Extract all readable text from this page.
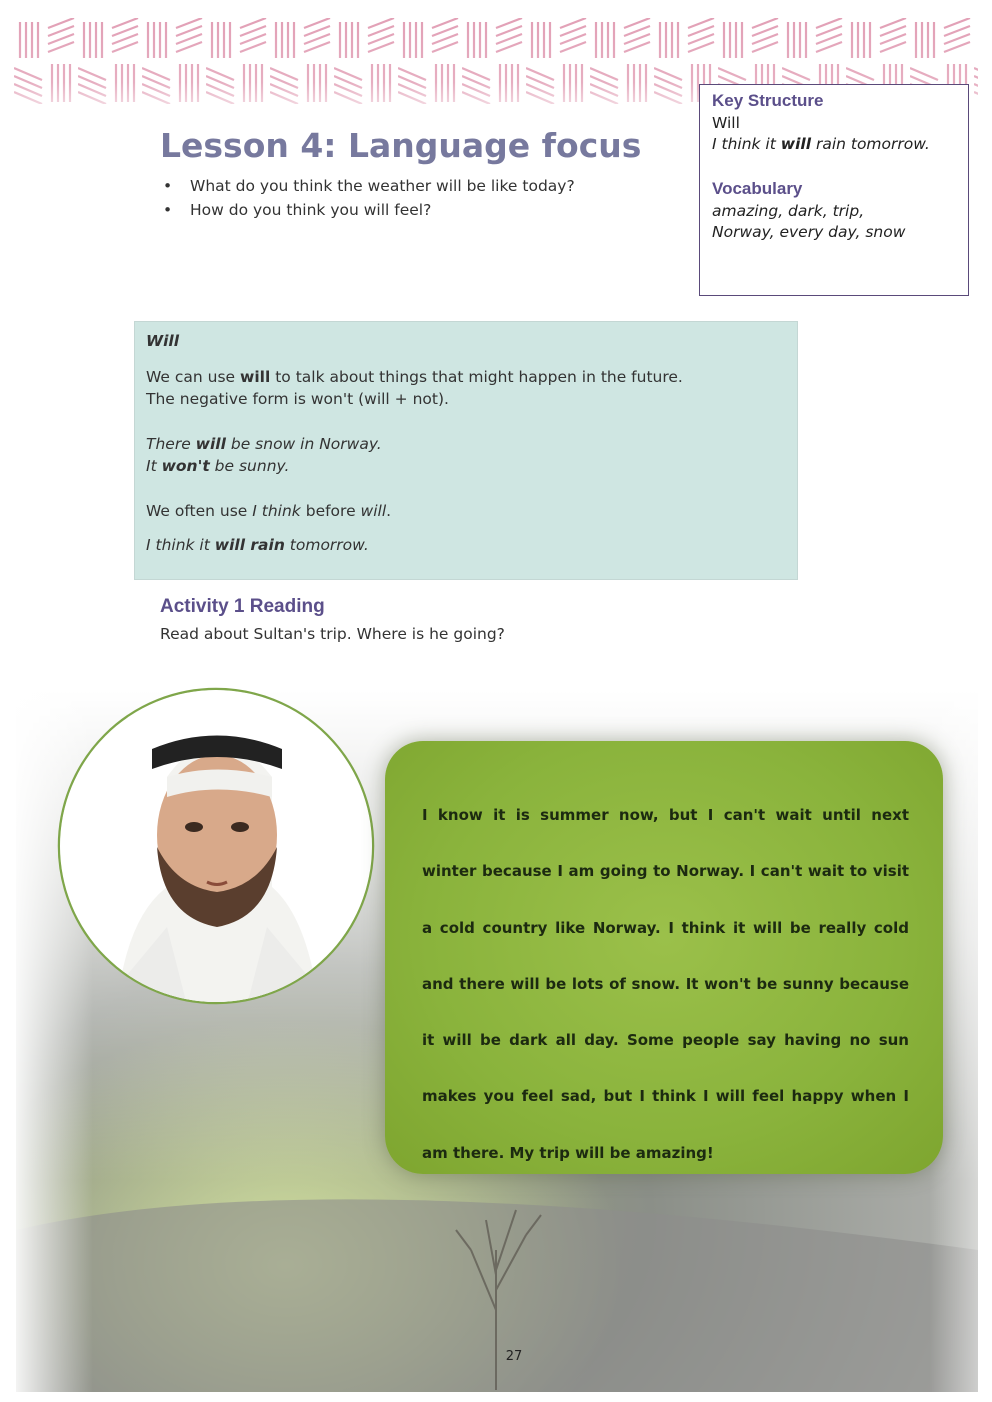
Key Structure

Will

I think it will rain tomorrow.

Vocabulary

amazing, dark, trip,

Norway, every day, snow

Lesson 4: Language focus
• What do you think the weather will be like today?
• How do you think you will feel?

Will

We can use will to talk about things that might happen in the future.

The negative form is won't (will + not).

There will be snow in Norway.

It won't be sunny.

We often use I think before will.

I think it will rain tomorrow.

Activity 1 Reading

Read about Sultan's trip. Where is he going?

I know it is summer now, but I can't wait until next winter because I am going to Norway. I can't wait to visit a cold country like Norway. I think it will be really cold and there will be lots of snow. It won't be sunny because it will be dark all day. Some people say having no sun makes you feel sad, but I think I will feel happy when I am there. My trip will be amazing!

27
